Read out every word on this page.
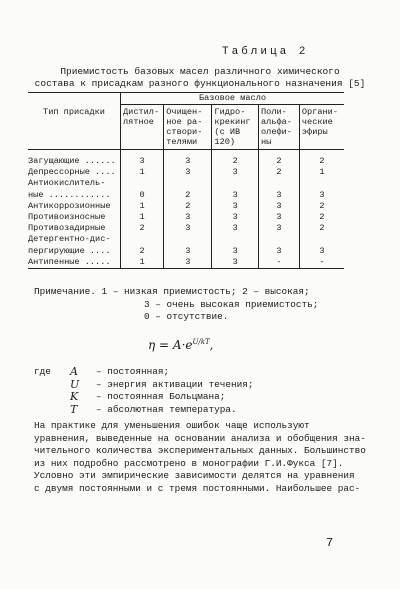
Таблица 2
Приемистость базовых масел различного химического
состава к присадкам разного функционального назначения [5]
Тип присадки	Базовое масло				
	Дистил- лятное	Очищен- ное ра- створи- телями	Гидро- крекинг (с ИВ 120)	Поли- альфа- олефи- ны	Органи- ческие эфиры
Загущающие ......	3	3	2	2	2
Депрессорные ....	1	3	3	2	1
Антиокислитель-					
ные ............	0	2	3	3	3
Антикоррозионные	1	2	3	3	2
Противоизносные	1	3	3	3	2
Противозадирные	2	3	3	3	2
Детергентно-дис-					
пергирующие ....	2	3	3	3	3
Антипенные .....	1	3	3	-	-
Примечание. 1 – низкая приемистость; 2 – высокая;
3 – очень высокая приемистость;
0 – отсутствие.
$\eta = A\cdot e^{U/kT}$,
где	A	– постоянная;
U	– энергия активации течения;
K	– постоянная Больцмана;
T	– абсолютная температура.
На практике для уменьшения ошибок чаще используют
уравнения, выведенные на основании анализа и обобщения зна-
чительного количества экспериментальных данных. Большинство
из них подробно рассмотрено в монографии Г.И.Фукса [7].
Условно эти эмпирические зависимости делятся на уравнения
с двумя постоянными и с тремя постоянными. Наибольшее рас-
7
